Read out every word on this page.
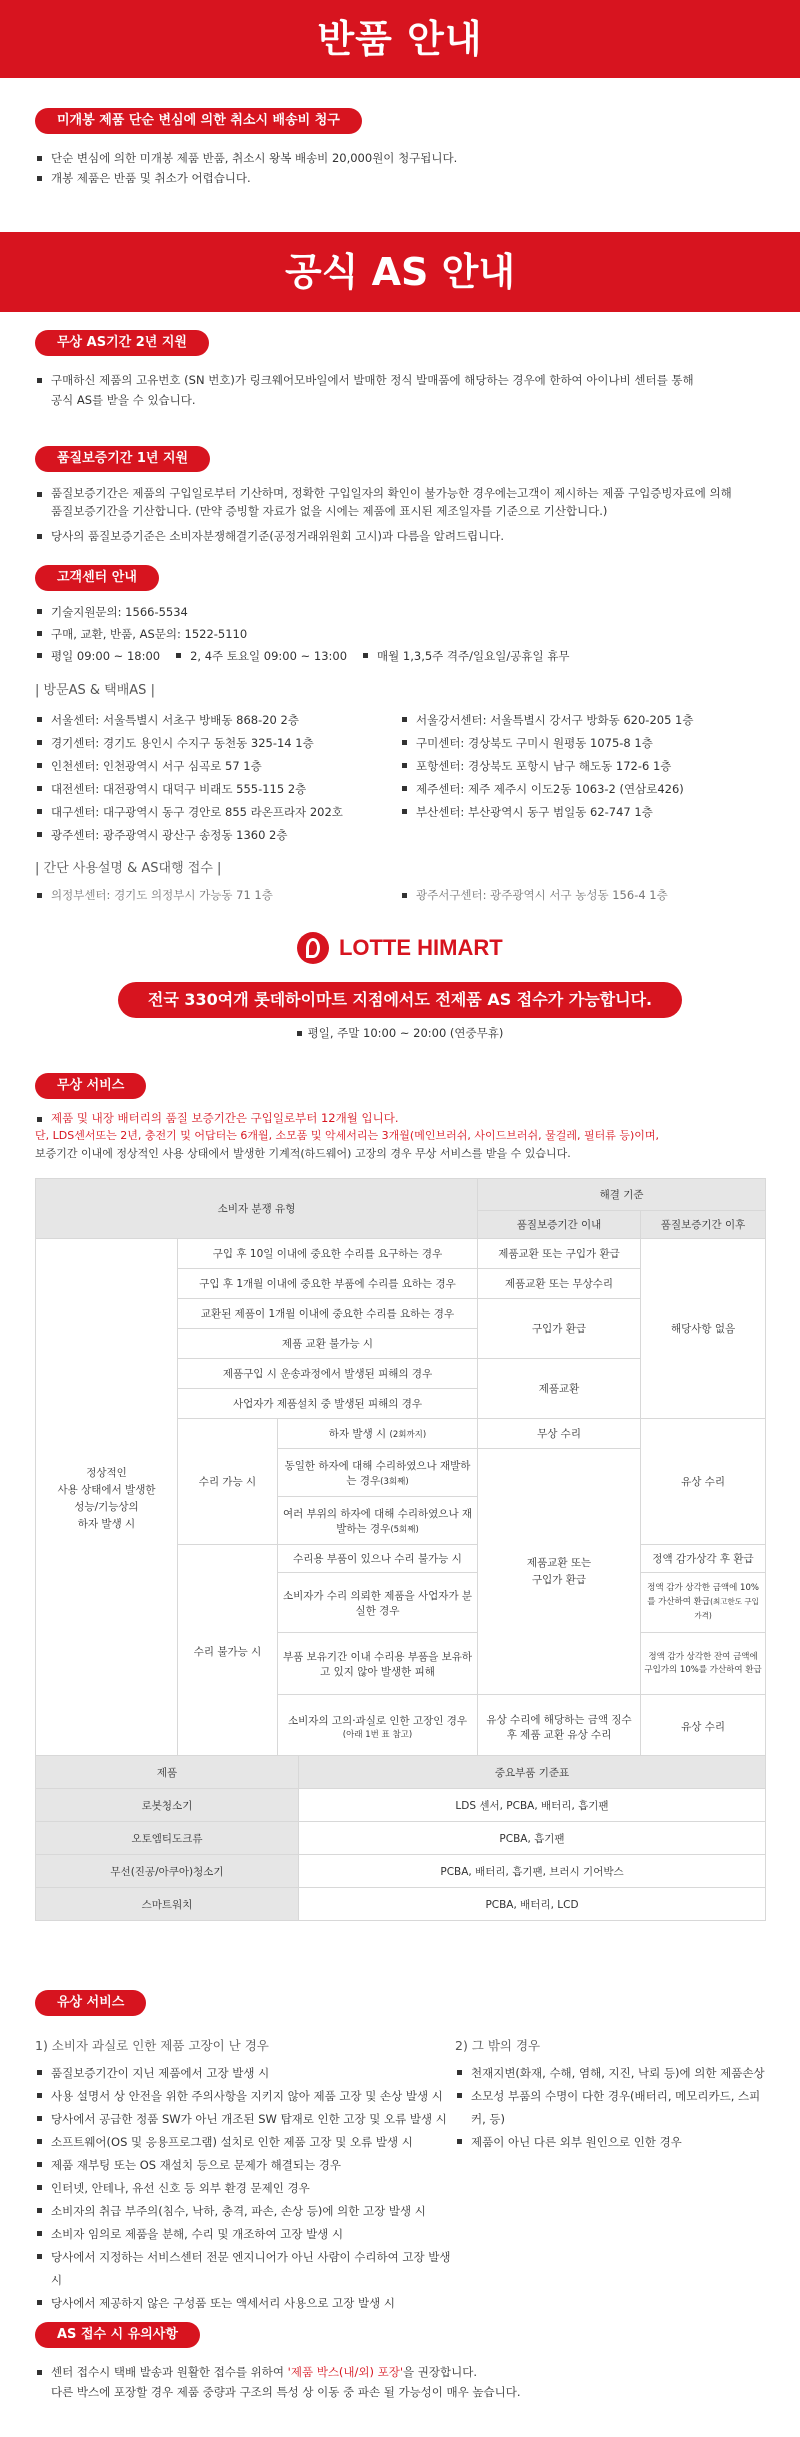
반품 안내
미개봉 제품 단순 변심에 의한 취소시 배송비 청구
단순 변심에 의한 미개봉 제품 반품, 취소시 왕복 배송비 20,000원이 청구됩니다.
개봉 제품은 반품 및 취소가 어렵습니다.
공식 AS 안내
무상 AS기간 2년 지원
구매하신 제품의 고유번호 (SN 번호)가 링크웨어모바일에서 발매한 정식 발매품에 해당하는 경우에 한하여 아이나비 센터를 통해
공식 AS를 받을 수 있습니다.
품질보증기간 1년 지원
품질보증기간은 제품의 구입일로부터 기산하며, 정확한 구입일자의 확인이 불가능한 경우에는고객이 제시하는 제품 구입증빙자료에 의해
품질보증기간을 기산합니다. (만약 증빙할 자료가 없을 시에는 제품에 표시된 제조일자를 기준으로 기산합니다.)
당사의 품질보증기준은 소비자분쟁해결기준(공정거래위원회 고시)과 다름을 알려드립니다.
고객센터 안내
기술지원문의: 1566-5534
구매, 교환, 반품, AS문의: 1522-5110
평일 09:00 ~ 18:00	2, 4주 토요일 09:00 ~ 13:00	매월 1,3,5주 격주/일요일/공휴일 휴무
| 방문AS & 택배AS |
서울센터: 서울특별시 서초구 방배동 868-20 2층	서울강서센터: 서울특별시 강서구 방화동 620-205 1층
경기센터: 경기도 용인시 수지구 동천동 325-14 1층	구미센터: 경상북도 구미시 원평동 1075-8 1층
인천센터: 인천광역시 서구 심곡로 57 1층	포항센터: 경상북도 포항시 남구 해도동 172-6 1층
대전센터: 대전광역시 대덕구 비래도 555-115 2층	제주센터: 제주 제주시 이도2동 1063-2 (연삼로426)
대구센터: 대구광역시 동구 경안로 855 라온프라자 202호	부산센터: 부산광역시 동구 범일동 62-747 1층
광주센터: 광주광역시 광산구 송정동 1360 2층
| 간단 사용설명 & AS대행 접수 |
의정부센터: 경기도 의정부시 가능동 71 1층	광주서구센터: 광주광역시 서구 농성동 156-4 1층
LOTTE HIMART
전국 330여개 롯데하이마트 지점에서도 전제품 AS 접수가 가능합니다.
평일, 주말 10:00 ~ 20:00 (연중무휴)
무상 서비스
제품 및 내장 배터리의 품질 보증기간은 구입일로부터 12개월 입니다.
단, LDS센서또는 2년, 충전기 및 어답터는 6개월, 소모품 및 악세서리는 3개월(메인브러쉬, 사이드브러쉬, 물걸레, 필터류 등)이며,
보증기간 이내에 정상적인 사용 상태에서 발생한 기계적(하드웨어) 고장의 경우 무상 서비스를 받을 수 있습니다.
소비자 분쟁 유형			해결 기준	
			품질보증기간 이내	품질보증기간 이후
정상적인
사용 상태에서 발생한
성능/기능상의
하자 발생 시	구입 후 10일 이내에 중요한 수리를 요구하는 경우		제품교환 또는 구입가 환급	해당사항 없음
	구입 후 1개월 이내에 중요한 부품에 수리를 요하는 경우		제품교환 또는 무상수리	
	교환된 제품이 1개월 이내에 중요한 수리를 요하는 경우		구입가 환급	
	제품 교환 불가능 시			
	제품구입 시 운송과정에서 발생된 피해의 경우		제품교환	
	사업자가 제품설치 중 발생된 피해의 경우			
	수리 가능 시	하자 발생 시 (2회까지)	무상 수리	유상 수리
		동일한 하자에 대해 수리하였으나 재발하는 경우(3회째)	제품교환 또는
구입가 환급	
		여러 부위의 하자에 대해 수리하였으나 재발하는 경우(5회째)		
	수리 불가능 시	수리용 부품이 있으나 수리 불가능 시		정액 감가상각 후 환급
		소비자가 수리 의뢰한 제품을 사업자가 분실한 경우		정액 감가 상각한 금액에 10%를 가산하여 환급(최고한도 구입가격)
		부품 보유기간 이내 수리용 부품을 보유하고 있지 않아 발생한 피해		정액 감가 상각한 잔여 금액에 구입가의 10%를 가산하여 환급

		소비자의 고의·과실로 인한 고장인 경우 (아래 1번 표 참고)	유상 수리에 해당하는 금액 징수 후 제품 교환 유상 수리	유상 수리

제품	중요부품 기준표
로봇청소기	LDS 센서, PCBA, 배터리, 흡기팬
오토엠티도크류	PCBA, 흡기팬
무선(진공/아쿠아)청소기	PCBA, 배터리, 흡기팬, 브러시 기어박스
스마트워치	PCBA, 배터리, LCD
유상 서비스
1) 소비자 과실로 인한 제품 고장이 난 경우
품질보증기간이 지닌 제품에서 고장 발생 시
사용 설명서 상 안전을 위한 주의사항을 지키지 않아 제품 고장 및 손상 발생 시
당사에서 공급한 정품 SW가 아닌 개조된 SW 탑재로 인한 고장 및 오류 발생 시
소프트웨어(OS 및 응용프로그램) 설치로 인한 제품 고장 및 오류 발생 시
제품 재부팅 또는 OS 재설치 등으로 문제가 해결되는 경우
인터넷, 안테나, 유선 신호 등 외부 환경 문제인 경우
소비자의 취급 부주의(침수, 낙하, 충격, 파손, 손상 등)에 의한 고장 발생 시
소비자 임의로 제품을 분해, 수리 및 개조하여 고장 발생 시
당사에서 지정하는 서비스센터 전문 엔지니어가 아닌 사람이 수리하여 고장 발생 시
당사에서 제공하지 않은 구성품 또는 액세서리 사용으로 고장 발생 시
2) 그 밖의 경우
천재지변(화재, 수해, 염해, 지진, 낙뢰 등)에 의한 제품손상
소모성 부품의 수명이 다한 경우(배터리, 메모리카드, 스피커, 등)
제품이 아닌 다른 외부 원인으로 인한 경우
AS 접수 시 유의사항
센터 접수시 택배 발송과 원활한 접수를 위하여 '제품 박스(내/외) 포장'을 권장합니다.
다른 박스에 포장할 경우 제품 중량과 구조의 특성 상 이동 중 파손 될 가능성이 매우 높습니다.
